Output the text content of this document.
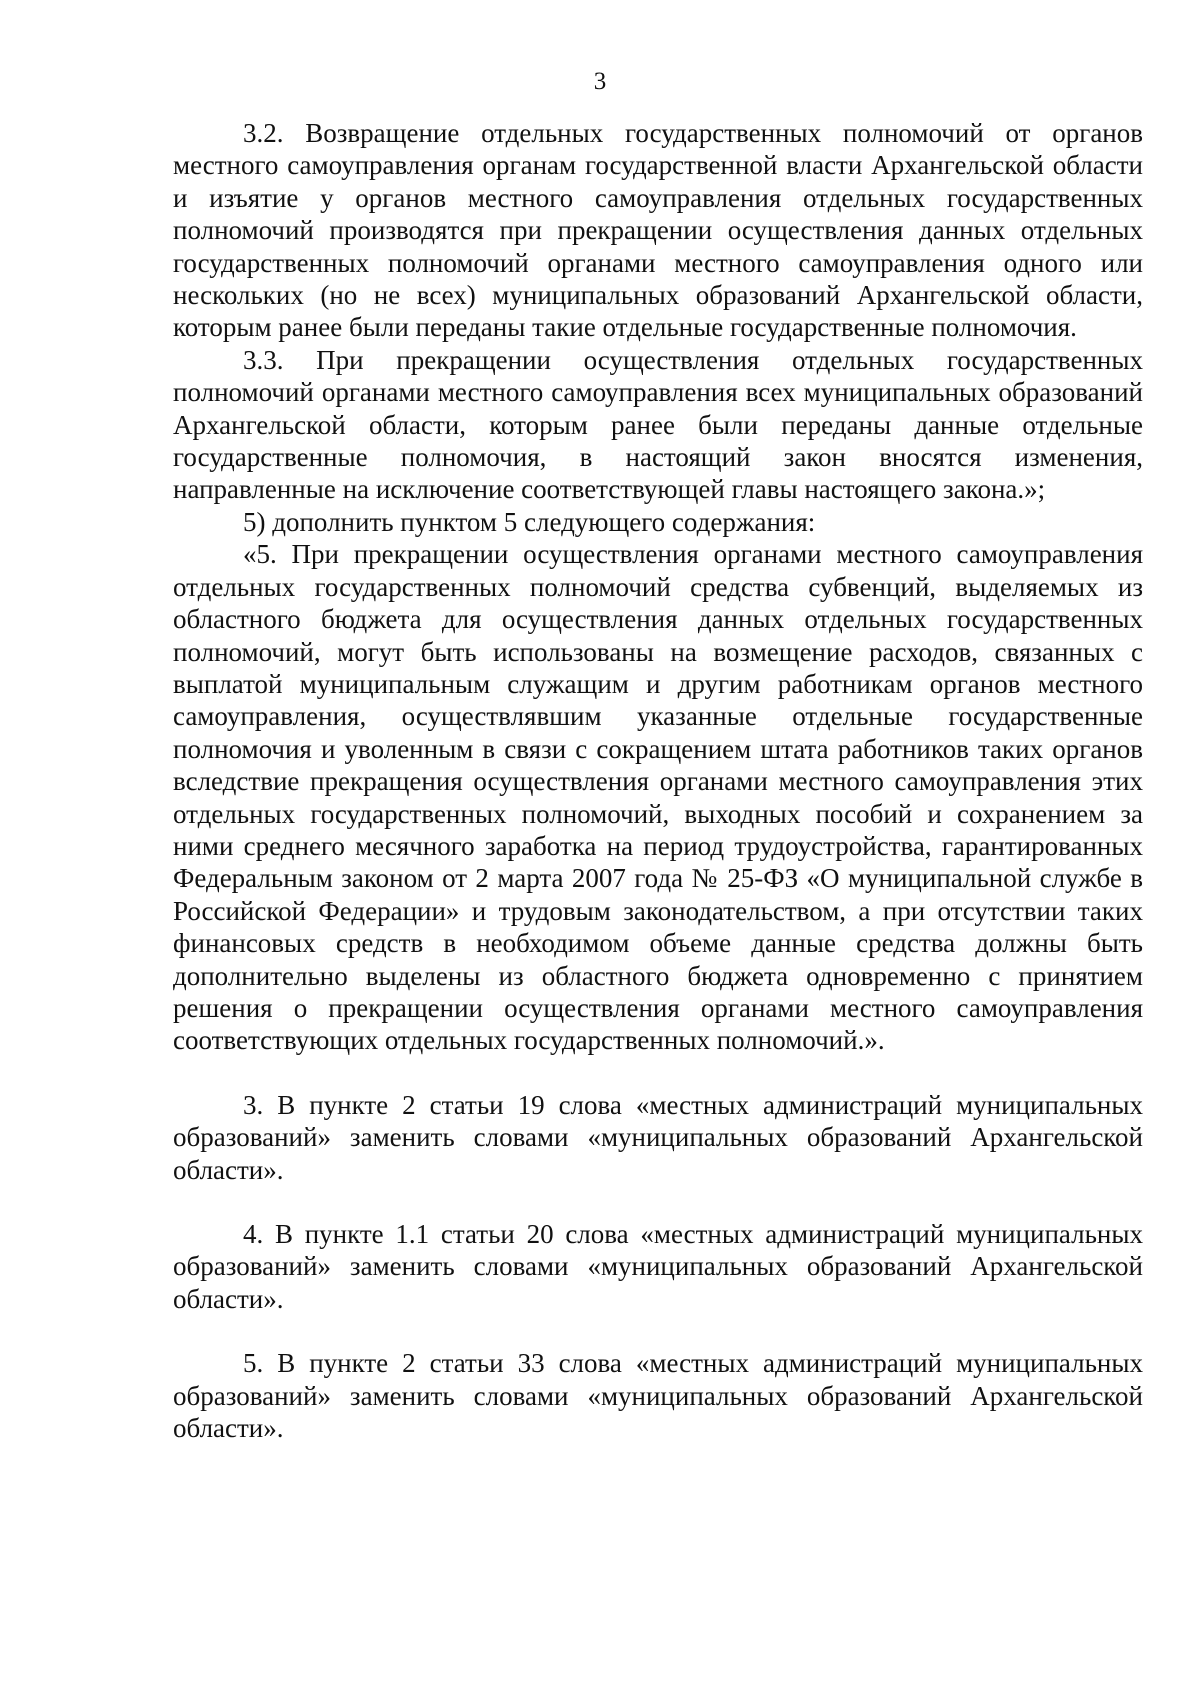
3

3.2. Возвращение отдельных государственных полномочий от органов местного самоуправления органам государственной власти Архангельской области и изъятие у органов местного самоуправления отдельных государственных полномочий производятся при прекращении осуществления данных отдельных государственных полномочий органами местного самоуправления одного или нескольких (но не всех) муниципальных образований Архангельской области, которым ранее были переданы такие отдельные государственные полномочия.

3.3. При прекращении осуществления отдельных государственных полномочий органами местного самоуправления всех муниципальных образований Архангельской области, которым ранее были переданы данные отдельные государственные полномочия, в настоящий закон вносятся изменения, направленные на исключение соответствующей главы настоящего закона.»;

5) дополнить пунктом 5 следующего содержания:

«5. При прекращении осуществления органами местного самоуправления отдельных государственных полномочий средства субвенций, выделяемых из областного бюджета для осуществления данных отдельных государственных полномочий, могут быть использованы на возмещение расходов, связанных с выплатой муниципальным служащим и другим работникам органов местного самоуправления, осуществлявшим указанные отдельные государственные полномочия и уволенным в связи с сокращением штата работников таких органов вследствие прекращения осуществления органами местного самоуправления этих отдельных государственных полномочий, выходных пособий и сохранением за ними среднего месячного заработка на период трудоустройства, гарантированных Федеральным законом от 2 марта 2007 года № 25-ФЗ «О муниципальной службе в Российской Федерации» и трудовым законодательством, а при отсутствии таких финансовых средств в необходимом объеме данные средства должны быть дополнительно выделены из областного бюджета одновременно с принятием решения о прекращении осуществления органами местного самоуправления соответствующих отдельных государственных полномочий.».

3. В пункте 2 статьи 19 слова «местных администраций муниципальных образований» заменить словами «муниципальных образований Архангельской области».

4. В пункте 1.1 статьи 20 слова «местных администраций муниципальных образований» заменить словами «муниципальных образований Архангельской области».

5. В пункте 2 статьи 33 слова «местных администраций муниципальных образований» заменить словами «муниципальных образований Архангельской области».
